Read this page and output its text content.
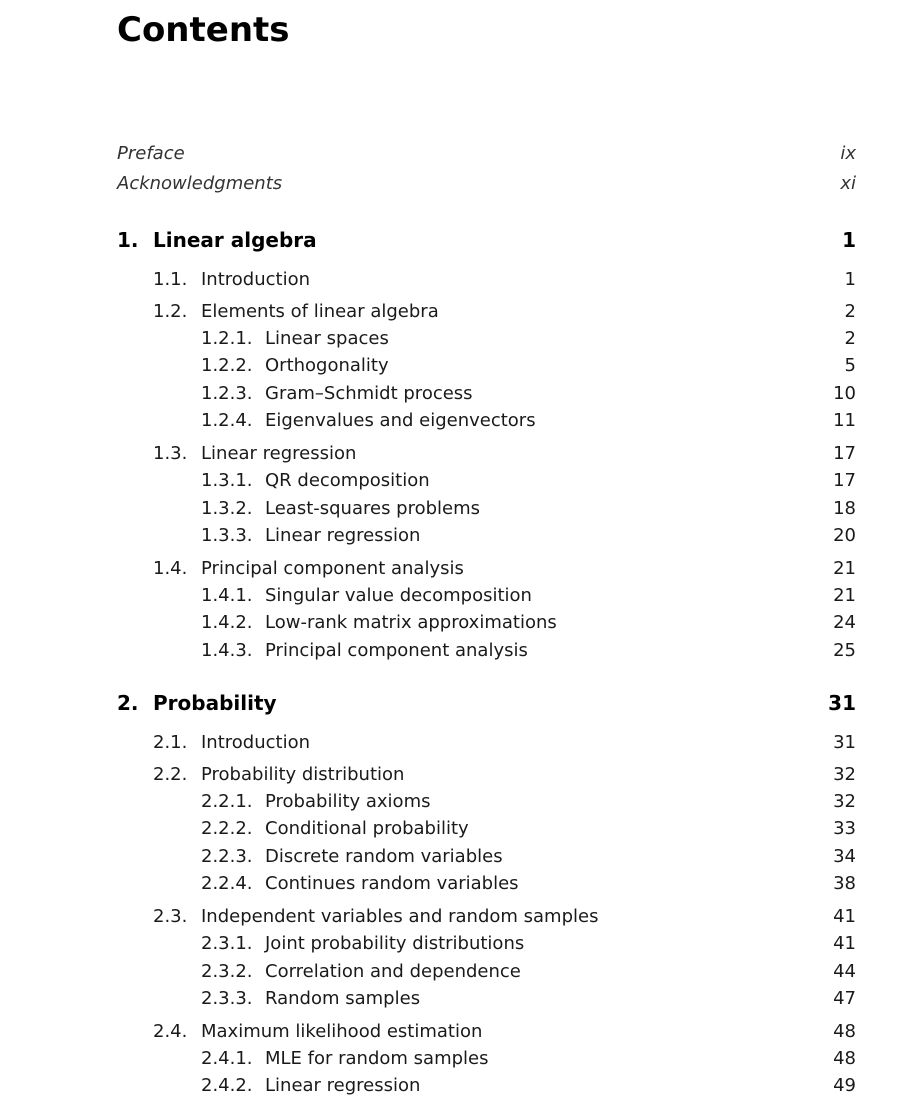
Contents
Preface	ix
Acknowledgments	xi
1. Linear algebra	1
1.1. Introduction	1
1.2. Elements of linear algebra	2
1.2.1. Linear spaces	2
1.2.2. Orthogonality	5
1.2.3. Gram–Schmidt process	10
1.2.4. Eigenvalues and eigenvectors	11
1.3. Linear regression	17
1.3.1. QR decomposition	17
1.3.2. Least-squares problems	18
1.3.3. Linear regression	20
1.4. Principal component analysis	21
1.4.1. Singular value decomposition	21
1.4.2. Low-rank matrix approximations	24
1.4.3. Principal component analysis	25
2. Probability	31
2.1. Introduction	31
2.2. Probability distribution	32
2.2.1. Probability axioms	32
2.2.2. Conditional probability	33
2.2.3. Discrete random variables	34
2.2.4. Continues random variables	38
2.3. Independent variables and random samples	41
2.3.1. Joint probability distributions	41
2.3.2. Correlation and dependence	44
2.3.3. Random samples	47
2.4. Maximum likelihood estimation	48
2.4.1. MLE for random samples	48
2.4.2. Linear regression	49
